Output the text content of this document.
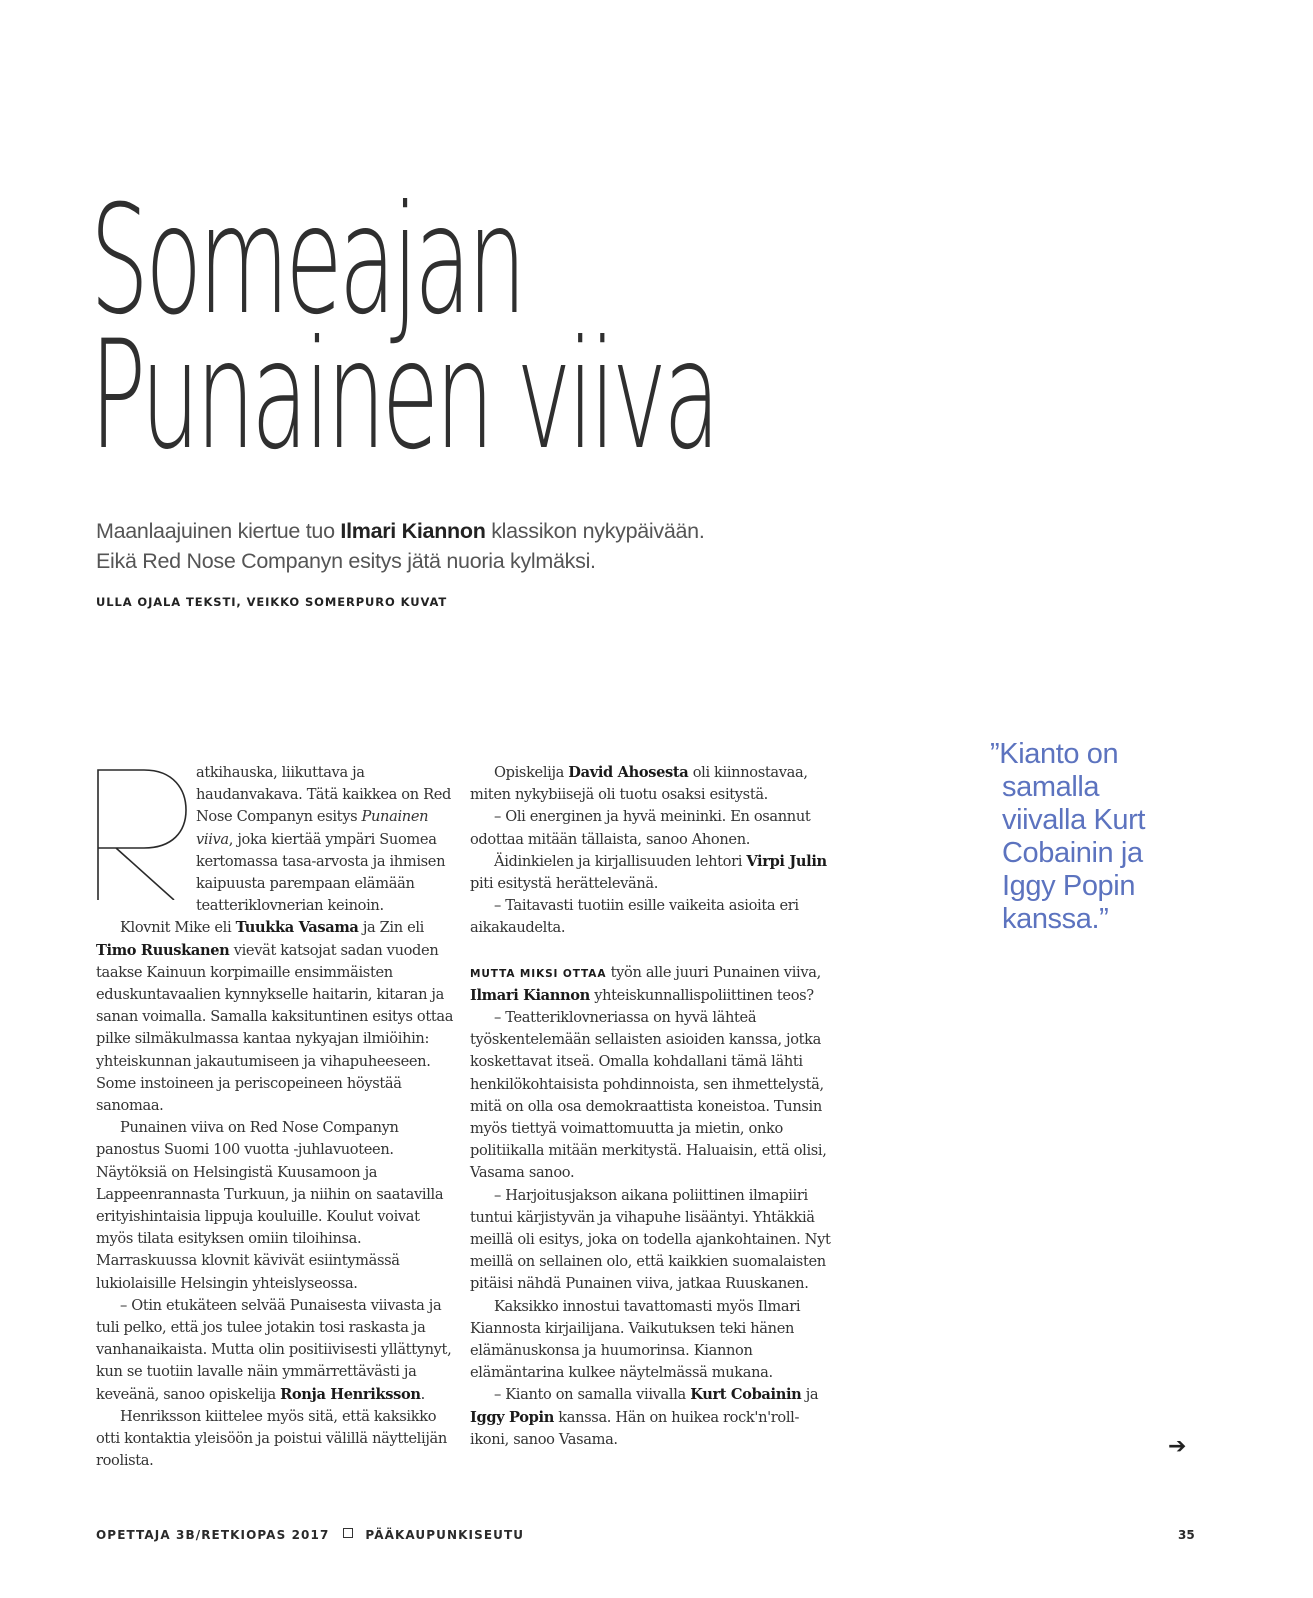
Someajan
Punainen viiva
Maanlaajuinen kiertue tuo Ilmari Kiannon klassikon nykypäivään.
Eikä Red Nose Companyn esitys jätä nuoria kylmäksi.
ULLA OJALA TEKSTI, VEIKKO SOMERPURO KUVAT

atkihauska, liikuttava ja haudanvakava. Tätä kaikkea on Red Nose Companyn esitys Punainen viiva, joka kiertää ympäri Suomea kertomassa tasa-arvosta ja ihmisen kaipuusta parempaan elämään teatteriklovnerian keinoin.

Klovnit Mike eli Tuukka Vasama ja Zin eli Timo Ruuskanen vievät katsojat sadan vuoden taakse Kainuun korpimaille ensimmäisten eduskuntavaalien kynnykselle haitarin, kitaran ja sanan voimalla. Samalla kaksituntinen esitys ottaa pilke silmäkulmassa kantaa nykyajan ilmiöihin: yhteiskunnan jakautumiseen ja vihapuheeseen. Some instoineen ja periscopeineen höystää sanomaa.

Punainen viiva on Red Nose Companyn panostus Suomi 100 vuotta -juhlavuoteen. Näytöksiä on Helsingistä Kuusamoon ja Lappeenrannasta Turkuun, ja niihin on saatavilla erityishintaisia lippuja kouluille. Koulut voivat myös tilata esityksen omiin tiloihinsa. Marraskuussa klovnit kävivät esiintymässä lukiolaisille Helsingin yhteislyseossa.

– Otin etukäteen selvää Punaisesta viivasta ja tuli pelko, että jos tulee jotakin tosi raskasta ja vanhanaikaista. Mutta olin positiivisesti yllättynyt, kun se tuotiin lavalle näin ymmärrettävästi ja keveänä, sanoo opiskelija Ronja Henriksson.

Henriksson kiittelee myös sitä, että kaksikko otti kontaktia yleisöön ja poistui välillä näyttelijän roolista.

Opiskelija David Ahosesta oli kiinnostavaa, miten nykybiisejä oli tuotu osaksi esitystä.

– Oli energinen ja hyvä meininki. En osannut odottaa mitään tällaista, sanoo Ahonen.

Äidinkielen ja kirjallisuuden lehtori Virpi Julin piti esitystä herättelevänä.

– Taitavasti tuotiin esille vaikeita asioita eri aikakaudelta.

MUTTA MIKSI OTTAA työn alle juuri Punainen viiva, Ilmari Kiannon yhteiskunnallispoliittinen teos?

– Teatteriklovneriassa on hyvä lähteä työskentelemään sellaisten asioiden kanssa, jotka koskettavat itseä. Omalla kohdallani tämä lähti henkilökohtaisista pohdinnoista, sen ihmettelystä, mitä on olla osa demokraattista koneistoa. Tunsin myös tiettyä voimattomuutta ja mietin, onko politiikalla mitään merkitystä. Haluaisin, että olisi, Vasama sanoo.

– Harjoitusjakson aikana poliittinen ilmapiiri tuntui kärjistyvän ja vihapuhe lisääntyi. Yhtäkkiä meillä oli esitys, joka on todella ajankohtainen. Nyt meillä on sellainen olo, että kaikkien suomalaisten pitäisi nähdä Punainen viiva, jatkaa Ruuskanen.

Kaksikko innostui tavattomasti myös Ilmari Kiannosta kirjailijana. Vaikutuksen teki hänen elämänuskonsa ja huumorinsa. Kiannon elämäntarina kulkee näytelmässä mukana.

– Kianto on samalla viivalla Kurt Cobainin ja Iggy Popin kanssa. Hän on huikea rock'n'roll-ikoni, sanoo Vasama.

”Kianto on
samalla
viivalla Kurt
Cobainin ja
Iggy Popin
kanssa.”
➔
OPETTAJA 3B/RETKIOPAS 2017	PÄÄKAUPUNKISEUTU	35
